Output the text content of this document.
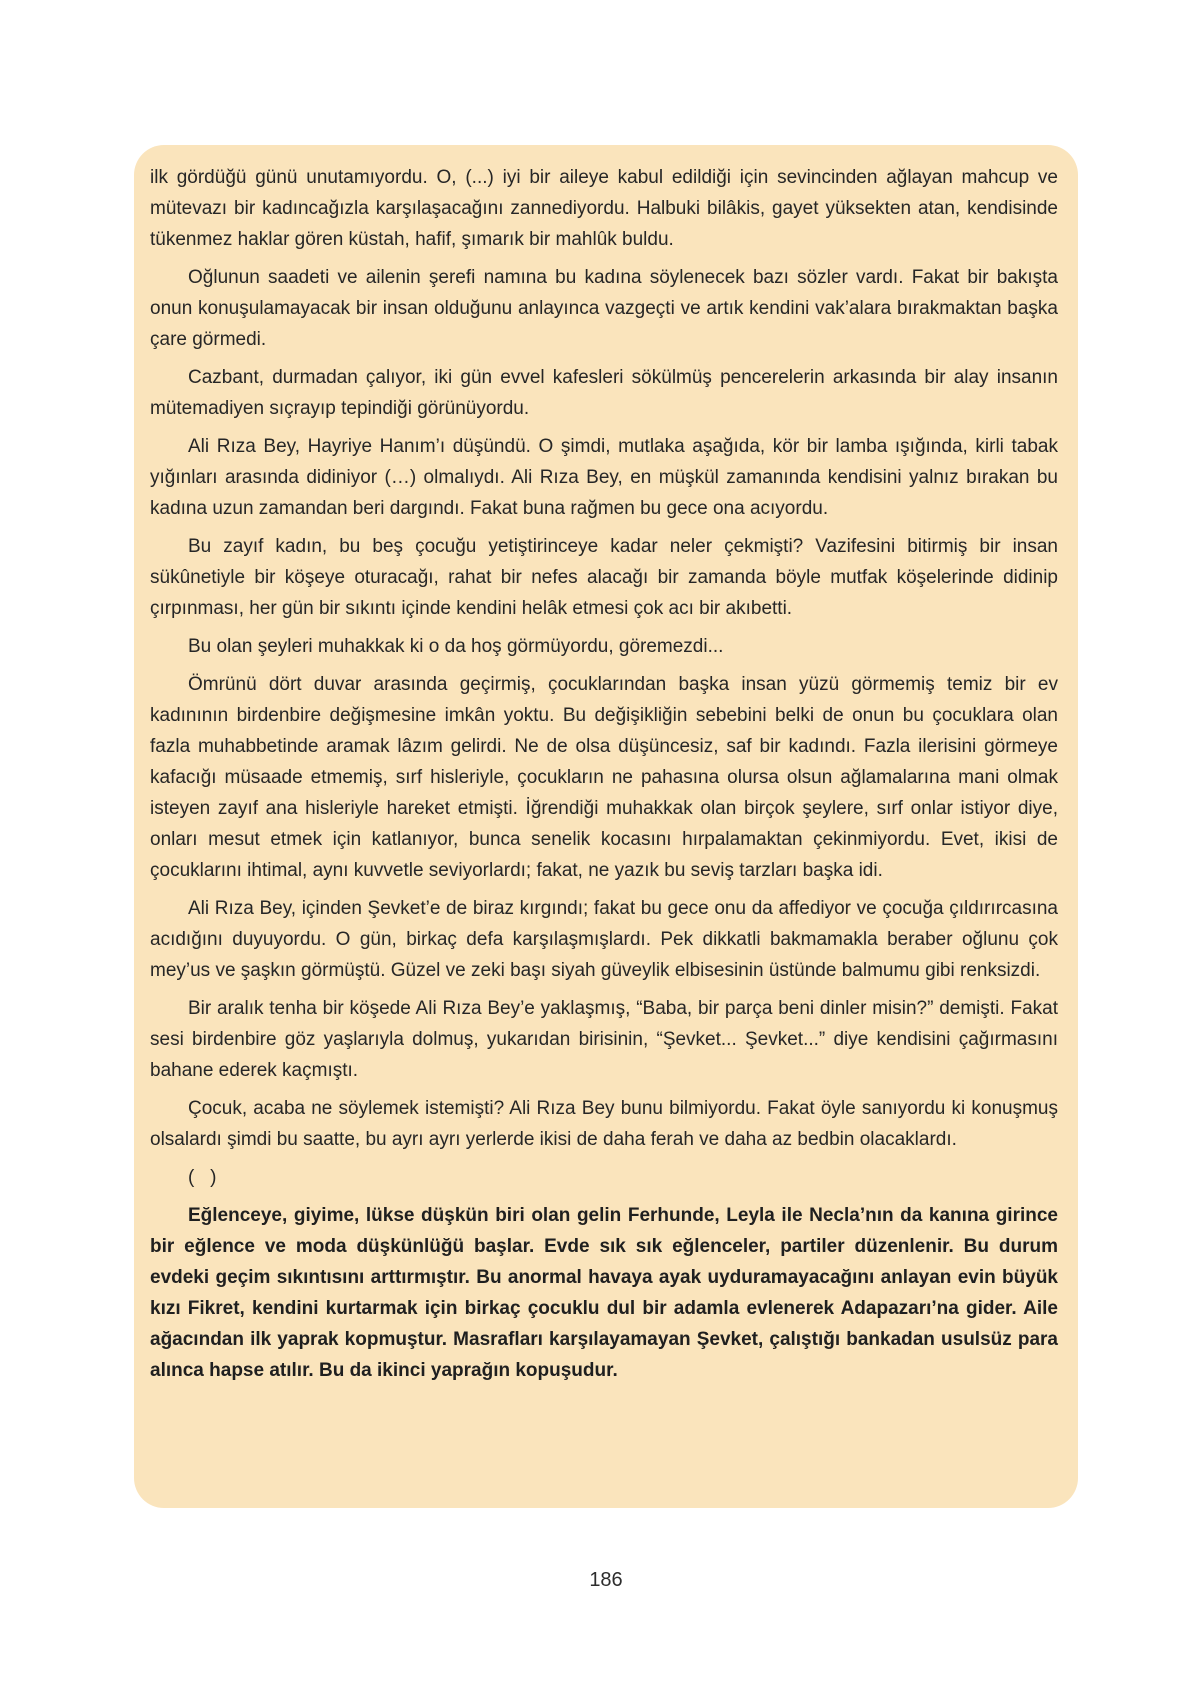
ilk gördüğü günü unutamıyordu. O, (...) iyi bir aileye kabul edildiği için sevincinden ağlayan mahcup ve mütevazı bir kadıncağızla karşılaşacağını zannediyordu. Halbuki bilâkis, gayet yüksekten atan, kendisinde tükenmez haklar gören küstah, hafif, şımarık bir mahlûk buldu.

Oğlunun saadeti ve ailenin şerefi namına bu kadına söylenecek bazı sözler vardı. Fakat bir bakışta onun konuşulamayacak bir insan olduğunu anlayınca vazgeçti ve artık kendini vak’alara bırakmaktan başka çare görmedi.

Cazbant, durmadan çalıyor, iki gün evvel kafesleri sökülmüş pencerelerin arkasında bir alay insanın mütemadiyen sıçrayıp tepindiği görünüyordu.

Ali Rıza Bey, Hayriye Hanım’ı düşündü. O şimdi, mutlaka aşağıda, kör bir lamba ışığında, kirli tabak yığınları arasında didiniyor (…) olmalıydı. Ali Rıza Bey, en müşkül zamanında kendisini yalnız bırakan bu kadına uzun zamandan beri dargındı. Fakat buna rağmen bu gece ona acıyordu.

Bu zayıf kadın, bu beş çocuğu yetiştirinceye kadar neler çekmişti? Vazifesini bitirmiş bir insan sükûnetiyle bir köşeye oturacağı, rahat bir nefes alacağı bir zamanda böyle mutfak köşelerinde didinip çırpınması, her gün bir sıkıntı içinde kendini helâk etmesi çok acı bir akıbetti.

Bu olan şeyleri muhakkak ki o da hoş görmüyordu, göremezdi...

Ömrünü dört duvar arasında geçirmiş, çocuklarından başka insan yüzü görmemiş temiz bir ev kadınının birdenbire değişmesine imkân yoktu. Bu değişikliğin sebebini belki de onun bu çocuklara olan fazla muhabbetinde aramak lâzım gelirdi. Ne de olsa düşüncesiz, saf bir kadındı. Fazla ilerisini görmeye kafacığı müsaade etmemiş, sırf hisleriyle, çocukların ne pahasına olursa olsun ağlamalarına mani olmak isteyen zayıf ana hisleriyle hareket etmişti. İğrendiği muhakkak olan birçok şeylere, sırf onlar istiyor diye, onları mesut etmek için katlanıyor, bunca senelik kocasını hırpalamaktan çekinmiyordu. Evet, ikisi de çocuklarını ihtimal, aynı kuvvetle seviyorlardı; fakat, ne yazık bu seviş tarzları başka idi.

Ali Rıza Bey, içinden Şevket’e de biraz kırgındı; fakat bu gece onu da affediyor ve çocuğa çıldırırcasına acıdığını duyuyordu. O gün, birkaç defa karşılaşmışlardı. Pek dikkatli bakmamakla beraber oğlunu çok mey’us ve şaşkın görmüştü. Güzel ve zeki başı siyah güveylik elbisesinin üstünde balmumu gibi renksizdi.

Bir aralık tenha bir köşede Ali Rıza Bey’e yaklaşmış, “Baba, bir parça beni dinler misin?” demişti. Fakat sesi birdenbire göz yaşlarıyla dolmuş, yukarıdan birisinin, “Şevket... Şevket...” diye kendisini çağırmasını bahane ederek kaçmıştı.

Çocuk, acaba ne söylemek istemişti? Ali Rıza Bey bunu bilmiyordu. Fakat öyle sanıyordu ki konuşmuş olsalardı şimdi bu saatte, bu ayrı ayrı yerlerde ikisi de daha ferah ve daha az bedbin olacaklardı.

(   )

Eğlenceye, giyime, lükse düşkün biri olan gelin Ferhunde, Leyla ile Necla’nın da kanına girince bir eğlence ve moda düşkünlüğü başlar. Evde sık sık eğlenceler, partiler düzenlenir. Bu durum evdeki geçim sıkıntısını arttırmıştır. Bu anormal havaya ayak uyduramayacağını anlayan evin büyük kızı Fikret, kendini kurtarmak için birkaç çocuklu dul bir adamla evlenerek Adapazarı’na gider. Aile ağacından ilk yaprak kopmuştur. Masrafları karşılayamayan Şevket, çalıştığı bankadan usulsüz para alınca hapse atılır. Bu da ikinci yaprağın kopuşudur.

186
